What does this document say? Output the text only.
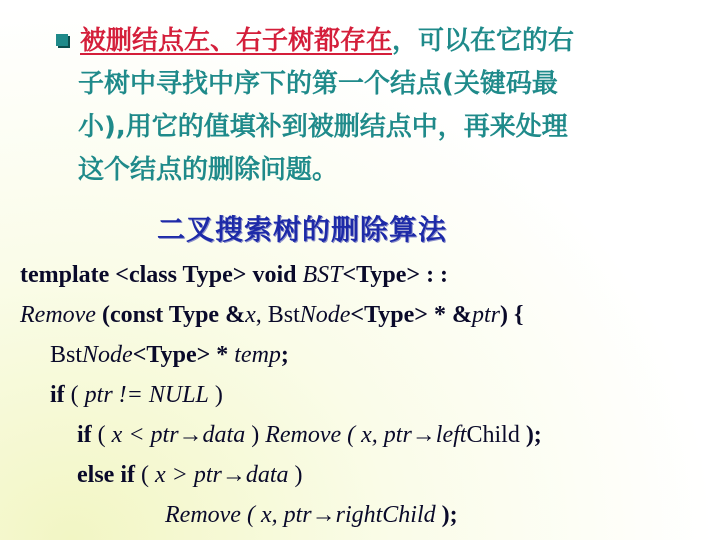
被删结点左、右子树都存在，可以在它的右
子树中寻找中序下的第一个结点(关键码最
小),用它的值填补到被删结点中，再来处理
这个结点的删除问题。
二叉搜索树的删除算法
template <class Type> void BST<Type> : :
Remove (const Type &x, BstNode<Type> * &ptr) {
BstNode<Type> * temp;
if ( ptr != NULL )
if ( x < ptr→data ) Remove ( x, ptr→leftChild );
else if ( x > ptr→data )
Remove ( x, ptr→rightChild );
